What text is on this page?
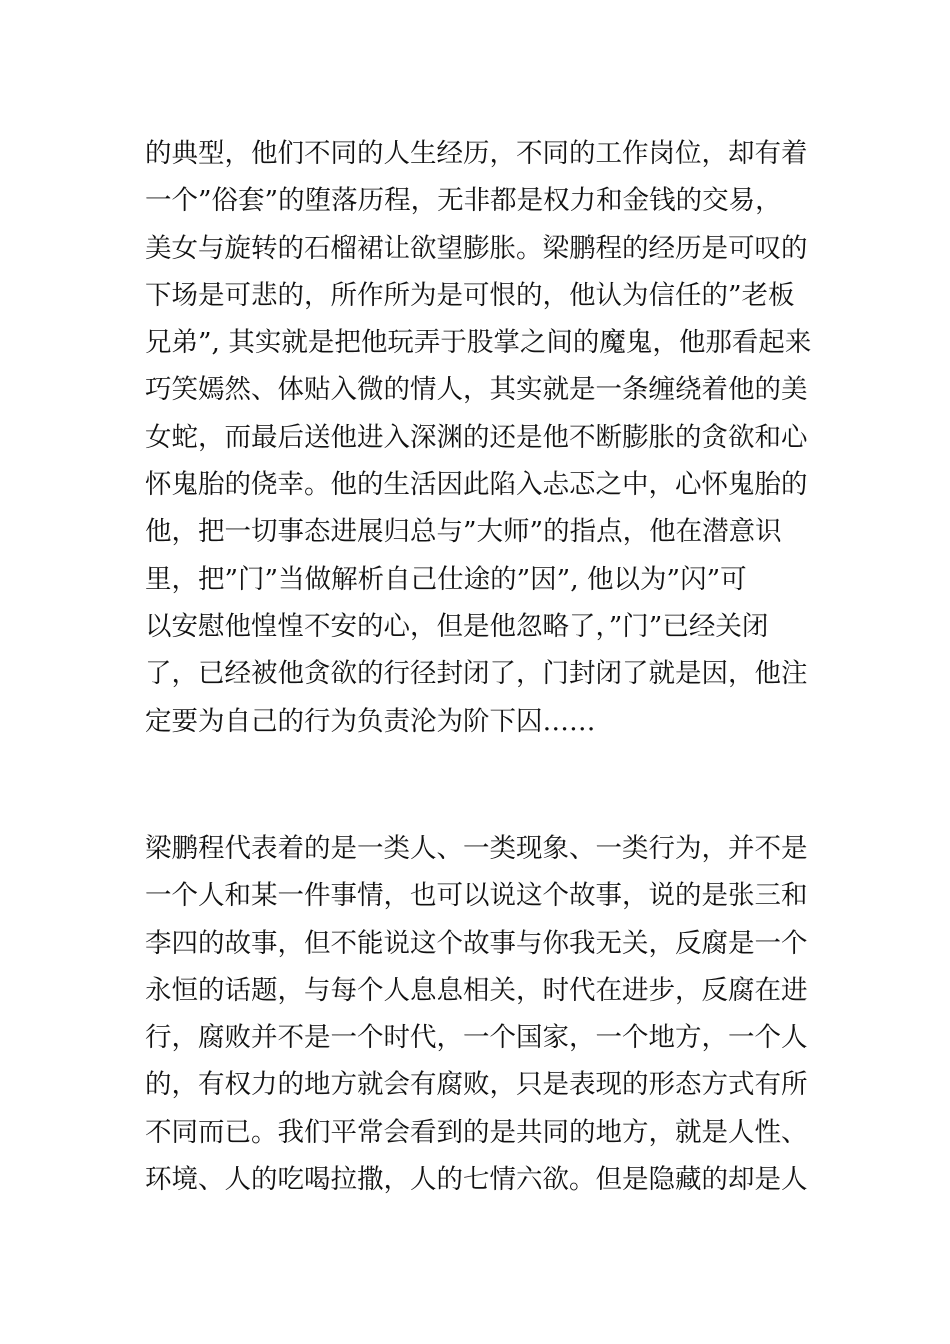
的典型，他们不同的人生经历，不同的工作岗位，却有着
一个”俗套”的堕落历程，无非都是权力和金钱的交易，
美女与旋转的石榴裙让欲望膨胀。梁鹏程的经历是可叹的
下场是可悲的，所作所为是可恨的，他认为信任的”老板
兄弟”, 其实就是把他玩弄于股掌之间的魔鬼，他那看起来
巧笑嫣然、体贴入微的情人，其实就是一条缠绕着他的美
女蛇，而最后送他进入深渊的还是他不断膨胀的贪欲和心
怀鬼胎的侥幸。他的生活因此陷入忐忑之中，心怀鬼胎的
他，把一切事态进展归总与”大师”的指点，他在潜意识
里，把”门”当做解析自己仕途的”因”, 他以为”闪”可
以安慰他惶惶不安的心，但是他忽略了，”门”已经关闭
了，已经被他贪欲的行径封闭了，门封闭了就是因，他注
定要为自己的行为负责沦为阶下囚……
梁鹏程代表着的是一类人、一类现象、一类行为，并不是
一个人和某一件事情，也可以说这个故事，说的是张三和
李四的故事，但不能说这个故事与你我无关，反腐是一个
永恒的话题，与每个人息息相关，时代在进步，反腐在进
行，腐败并不是一个时代，一个国家，一个地方，一个人
的，有权力的地方就会有腐败，只是表现的形态方式有所
不同而已。我们平常会看到的是共同的地方，就是人性、
环境、人的吃喝拉撒，人的七情六欲。但是隐藏的却是人
